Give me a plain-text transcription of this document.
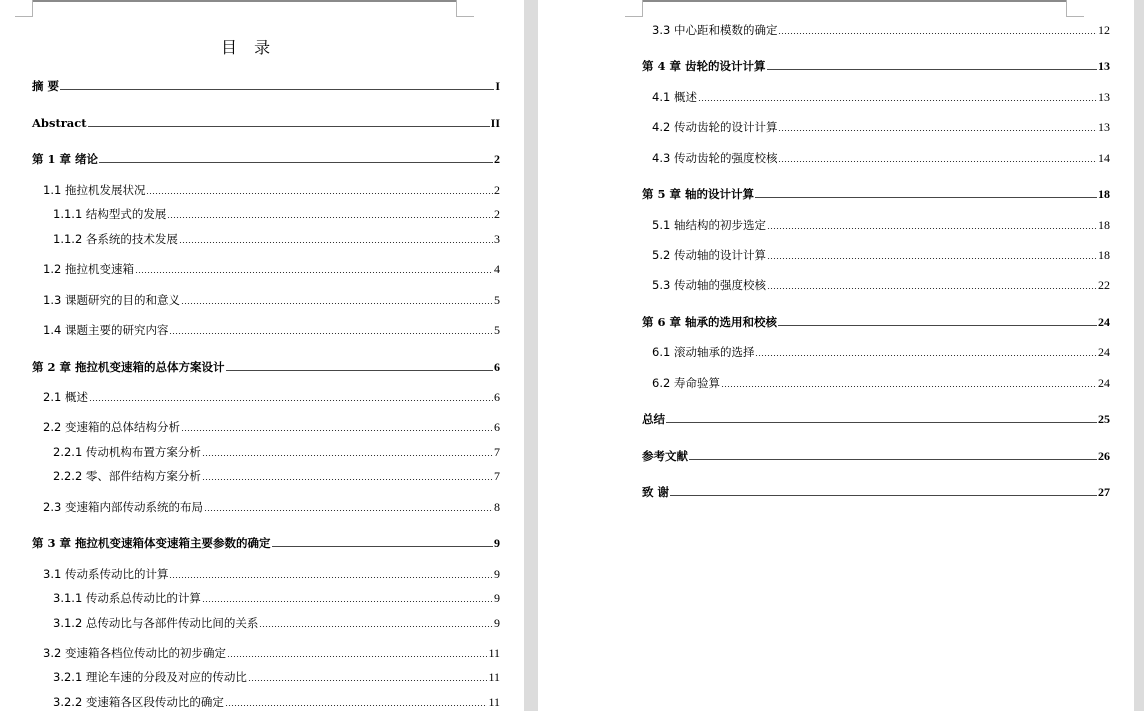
目 录
摘 要	I
Abstract	II
第 1 章 绪论	2
1.1 拖拉机发展状况	2
1.1.1 结构型式的发展	2
1.1.2 各系统的技术发展	3
1.2 拖拉机变速箱	4
1.3 课题研究的目的和意义	5
1.4 课题主要的研究内容	5
第 2 章 拖拉机变速箱的总体方案设计	6
2.1 概述	6
2.2 变速箱的总体结构分析	6
2.2.1 传动机构布置方案分析	7
2.2.2 零、部件结构方案分析	7
2.3 变速箱内部传动系统的布局	8
第 3 章 拖拉机变速箱体变速箱主要参数的确定	9
3.1 传动系传动比的计算	9
3.1.1 传动系总传动比的计算	9
3.1.2 总传动比与各部件传动比间的关系	9
3.2 变速箱各档位传动比的初步确定	11
3.2.1 理论车速的分段及对应的传动比	11
3.2.2 变速箱各区段传动比的确定	11
3.3 中心距和模数的确定	12
第 4 章 齿轮的设计计算	13
4.1 概述	13
4.2 传动齿轮的设计计算	13
4.3 传动齿轮的强度校核	14
第 5 章 轴的设计计算	18
5.1 轴结构的初步选定	18
5.2 传动轴的设计计算	18
5.3 传动轴的强度校核	22
第 6 章 轴承的选用和校核	24
6.1 滚动轴承的选择	24
6.2 寿命验算	24
总结	25
参考文献	26
致 谢	27
